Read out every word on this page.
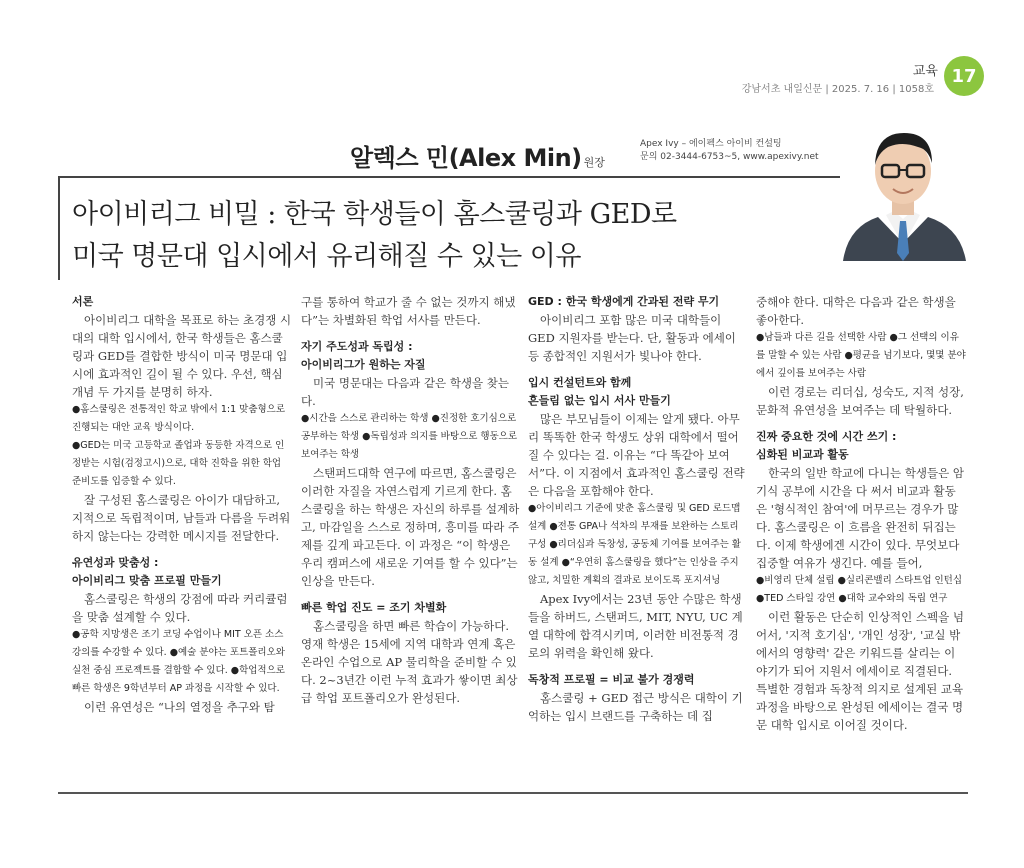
교육 17
강남서초 내일신문 | 2025. 7. 16 | 1058호
알렉스 민(Alex Min) 원장
Apex Ivy – 에이펙스 아이비 컨설팅
문의 02-3444-6753~5, www.apexivy.net
아이비리그 비밀 : 한국 학생들이 홈스쿨링과 GED로
미국 명문대 입시에서 유리해질 수 있는 이유
서론

아이비리그 대학을 목표로 하는 초경쟁 시대의 대학 입시에서, 한국 학생들은 홈스쿨링과 GED를 결합한 방식이 미국 명문대 입시에 효과적인 길이 될 수 있다. 우선, 핵심 개념 두 가지를 분명히 하자.

●홈스쿨링은 전통적인 학교 밖에서 1:1 맞춤형으로 진행되는 대안 교육 방식이다.
●GED는 미국 고등학교 졸업과 동등한 자격으로 인정받는 시험(검정고시)으로, 대학 진학을 위한 학업 준비도를 입증할 수 있다.

잘 구성된 홈스쿨링은 아이가 대담하고, 지적으로 독립적이며, 남들과 다름을 두려워하지 않는다는 강력한 메시지를 전달한다.

유연성과 맞춤성 :
아이비리그 맞춤 프로필 만들기

홈스쿨링은 학생의 강점에 따라 커리큘럼을 맞춤 설계할 수 있다.

●공학 지망생은 조기 코딩 수업이나 MIT 오픈 소스 강의를 수강할 수 있다. ●예술 분야는 포트폴리오와 실천 중심 프로젝트를 결합할 수 있다. ●학업적으로 빠른 학생은 9학년부터 AP 과정을 시작할 수 있다.

이런 유연성은 “나의 열정을 추구와 탐

구를 통하여 학교가 줄 수 없는 것까지 해냈다”는 차별화된 학업 서사를 만든다.

자기 주도성과 독립성 :
아이비리그가 원하는 자질

미국 명문대는 다음과 같은 학생을 찾는다.

●시간을 스스로 관리하는 학생 ●진정한 호기심으로 공부하는 학생 ●독립성과 의지를 바탕으로 행동으로 보여주는 학생

스탠퍼드대학 연구에 따르면, 홈스쿨링은 이러한 자질을 자연스럽게 기르게 한다. 홈스쿨링을 하는 학생은 자신의 하루를 설계하고, 마감일을 스스로 정하며, 흥미를 따라 주제를 깊게 파고든다. 이 과정은 “이 학생은 우리 캠퍼스에 새로운 기여를 할 수 있다”는 인상을 만든다.

빠른 학업 진도 = 조기 차별화

홈스쿨링을 하면 빠른 학습이 가능하다. 영재 학생은 15세에 지역 대학과 연계 혹은 온라인 수업으로 AP 물리학을 준비할 수 있다. 2~3년간 이런 누적 효과가 쌓이면 최상급 학업 포트폴리오가 완성된다.

GED : 한국 학생에게 간과된 전략 무기

아이비리그 포함 많은 미국 대학들이 GED 지원자를 받는다. 단, 활동과 에세이 등 종합적인 지원서가 빛나야 한다.

입시 컨설턴트와 함께
흔들림 없는 입시 서사 만들기

많은 부모님들이 이제는 알게 됐다. 아무리 똑똑한 한국 학생도 상위 대학에서 떨어질 수 있다는 걸. 이유는 “다 똑같아 보여서”다. 이 지점에서 효과적인 홈스쿨링 전략은 다음을 포함해야 한다.

●아이비리그 기준에 맞춘 홈스쿨링 및 GED 로드맵 설계 ●전통 GPA나 석차의 부재를 보완하는 스토리 구성 ●리더십과 독창성, 공동체 기여를 보여주는 활동 설계 ●“우연히 홈스쿨링을 했다”는 인상을 주지 않고, 치밀한 계획의 결과로 보이도록 포지셔닝

Apex Ivy에서는 23년 동안 수많은 학생들을 하버드, 스탠퍼드, MIT, NYU, UC 계열 대학에 합격시키며, 이러한 비전통적 경로의 위력을 확인해 왔다.

독창적 프로필 = 비교 불가 경쟁력

홈스쿨링 + GED 접근 방식은 대학이 기억하는 입시 브랜드를 구축하는 데 집

중해야 한다. 대학은 다음과 같은 학생을 좋아한다.

●남들과 다른 길을 선택한 사람 ●그 선택의 이유를 말할 수 있는 사람 ●평균을 넘기보다, 몇몇 분야에서 깊이를 보여주는 사람

이런 경로는 리더십, 성숙도, 지적 성장, 문화적 유연성을 보여주는 데 탁월하다.

진짜 중요한 것에 시간 쓰기 :
심화된 비교과 활동

한국의 일반 학교에 다니는 학생들은 암기식 공부에 시간을 다 써서 비교과 활동은 '형식적인 참여'에 머무르는 경우가 많다. 홈스쿨링은 이 흐름을 완전히 뒤집는다. 이제 학생에겐 시간이 있다. 무엇보다 집중할 여유가 생긴다. 예를 들어,

●비영리 단체 설립 ●실리콘밸리 스타트업 인턴십 ●TED 스타일 강연 ●대학 교수와의 독립 연구

이런 활동은 단순히 인상적인 스펙을 넘어서, '지적 호기심', '개인 성장', '교실 밖에서의 영향력' 같은 키워드를 살리는 이야기가 되어 지원서 에세이로 직결된다. 특별한 경험과 독창적 의지로 설계된 교육 과정을 바탕으로 완성된 에세이는 결국 명문 대학 입시로 이어질 것이다.
